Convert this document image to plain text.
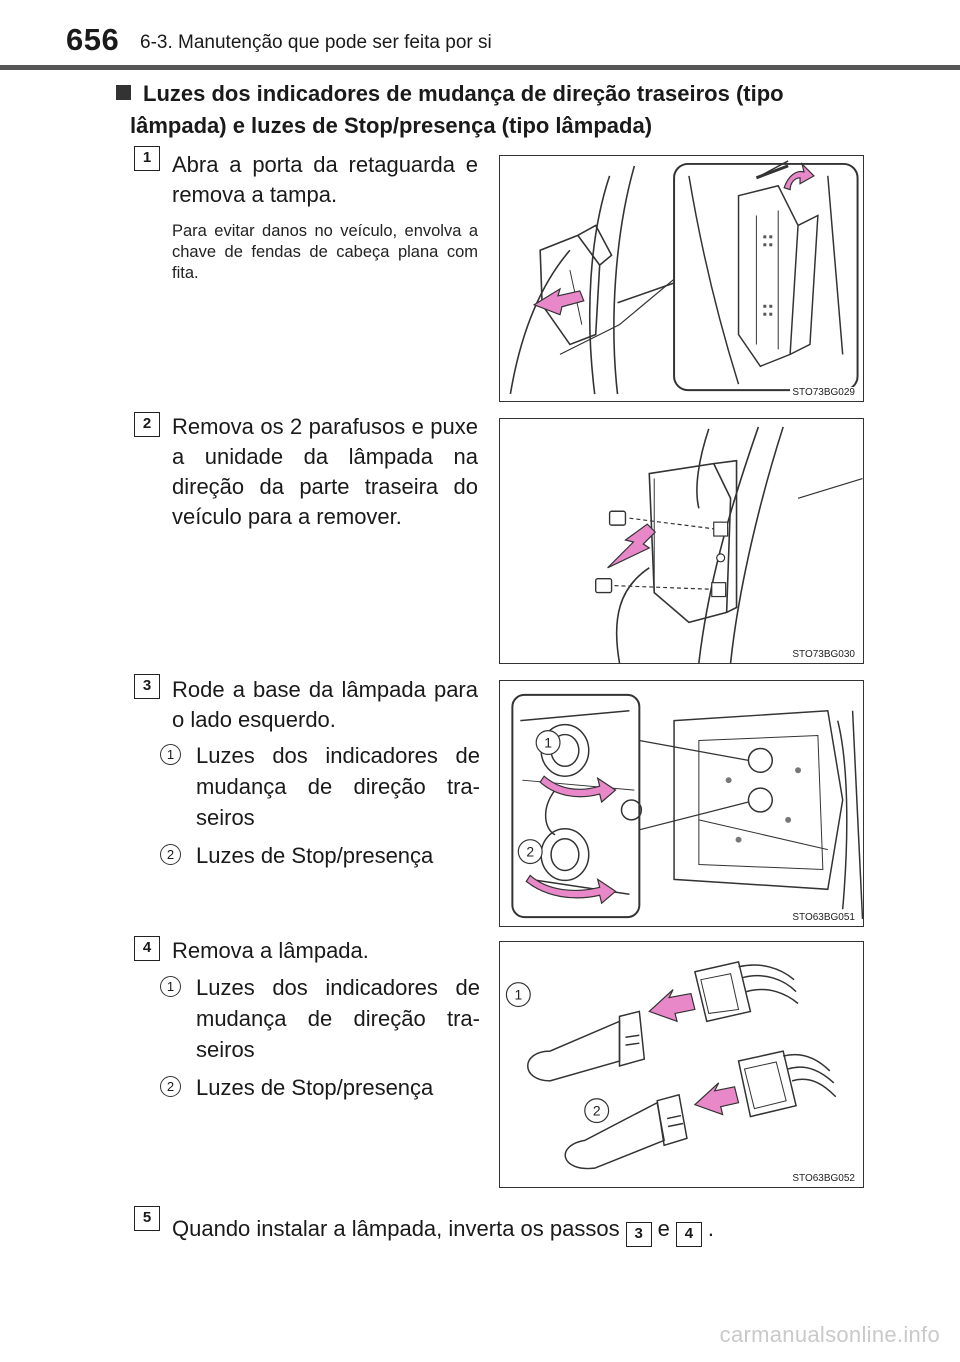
656 6-3. Manutenção que pode ser feita por si
Luzes dos indicadores de mudança de direção traseiros (tipo
lâmpada) e luzes de Stop/presença (tipo lâmpada)
1 Abra a porta da retaguarda e remova a tampa.
Para evitar danos no veículo, envolva a chave de fendas de cabeça plana com fita.
STO73BG029
2 Remova os 2 parafusos e puxe a unidade da lâmpada na direção da parte traseira do veículo para a remover.
STO73BG030
3 Rode a base da lâmpada para o lado esquerdo.
1 Luzes dos indicadores de mudança de direção tra-seiros
2 Luzes de Stop/presença
1
2
STO63BG051
4 Remova a lâmpada.
1 Luzes dos indicadores de mudança de direção tra-seiros
2 Luzes de Stop/presença
1
2
STO63BG052
5 Quando instalar a lâmpada, inverta os passos 3 e 4 .
carmanualsonline.info
